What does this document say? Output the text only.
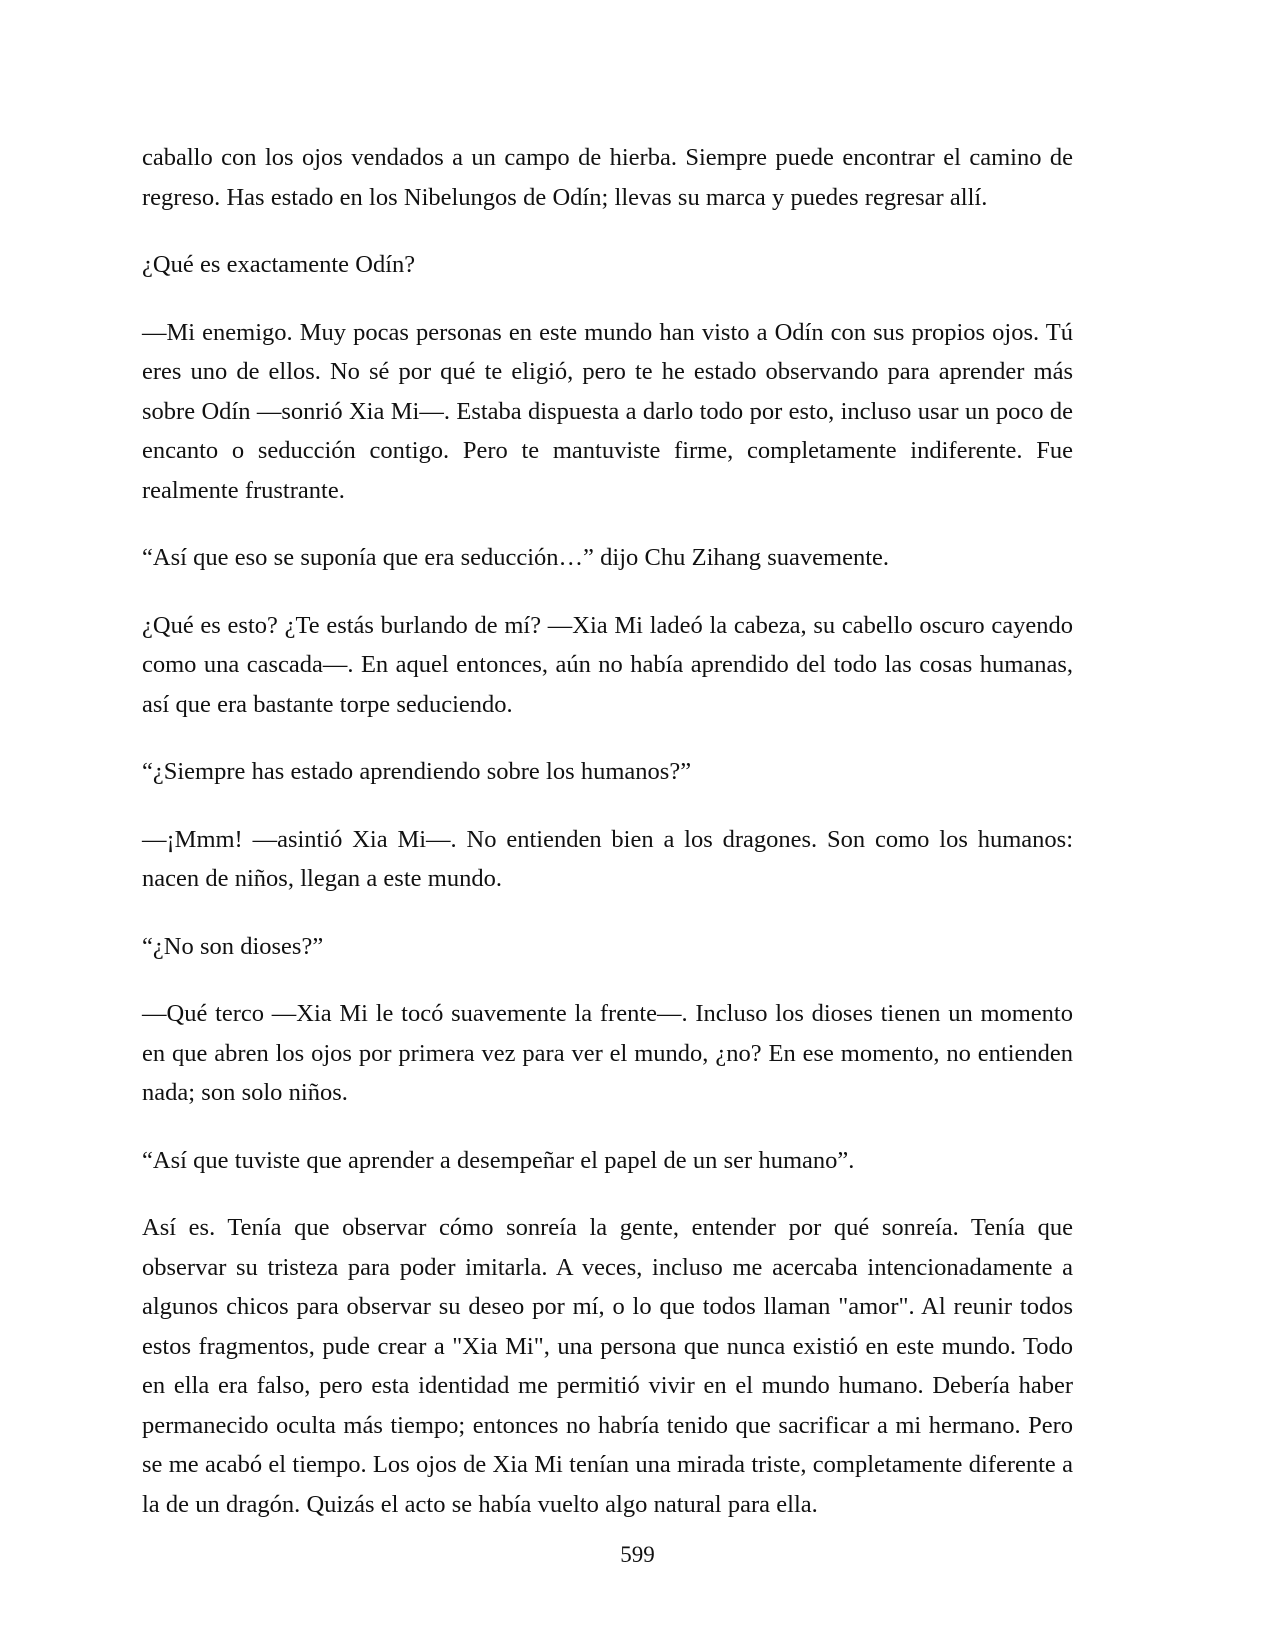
caballo con los ojos vendados a un campo de hierba. Siempre puede encontrar el camino de regreso. Has estado en los Nibelungos de Odín; llevas su marca y puedes regresar allí.

¿Qué es exactamente Odín?

—Mi enemigo. Muy pocas personas en este mundo han visto a Odín con sus propios ojos. Tú eres uno de ellos. No sé por qué te eligió, pero te he estado observando para aprender más sobre Odín —sonrió Xia Mi—. Estaba dispuesta a darlo todo por esto, incluso usar un poco de encanto o seducción contigo. Pero te mantuviste firme, completamente indiferente. Fue realmente frustrante.

“Así que eso se suponía que era seducción…” dijo Chu Zihang suavemente.

¿Qué es esto? ¿Te estás burlando de mí? —Xia Mi ladeó la cabeza, su cabello oscuro cayendo como una cascada—. En aquel entonces, aún no había aprendido del todo las cosas humanas, así que era bastante torpe seduciendo.

“¿Siempre has estado aprendiendo sobre los humanos?”

—¡Mmm! —asintió Xia Mi—. No entienden bien a los dragones. Son como los humanos: nacen de niños, llegan a este mundo.

“¿No son dioses?”

—Qué terco —Xia Mi le tocó suavemente la frente—. Incluso los dioses tienen un momento en que abren los ojos por primera vez para ver el mundo, ¿no? En ese momento, no entienden nada; son solo niños.

“Así que tuviste que aprender a desempeñar el papel de un ser humano”.

Así es. Tenía que observar cómo sonreía la gente, entender por qué sonreía. Tenía que observar su tristeza para poder imitarla. A veces, incluso me acercaba intencionadamente a algunos chicos para observar su deseo por mí, o lo que todos llaman "amor". Al reunir todos estos fragmentos, pude crear a "Xia Mi", una persona que nunca existió en este mundo. Todo en ella era falso, pero esta identidad me permitió vivir en el mundo humano. Debería haber permanecido oculta más tiempo; entonces no habría tenido que sacrificar a mi hermano. Pero se me acabó el tiempo. Los ojos de Xia Mi tenían una mirada triste, completamente diferente a la de un dragón. Quizás el acto se había vuelto algo natural para ella.

599
